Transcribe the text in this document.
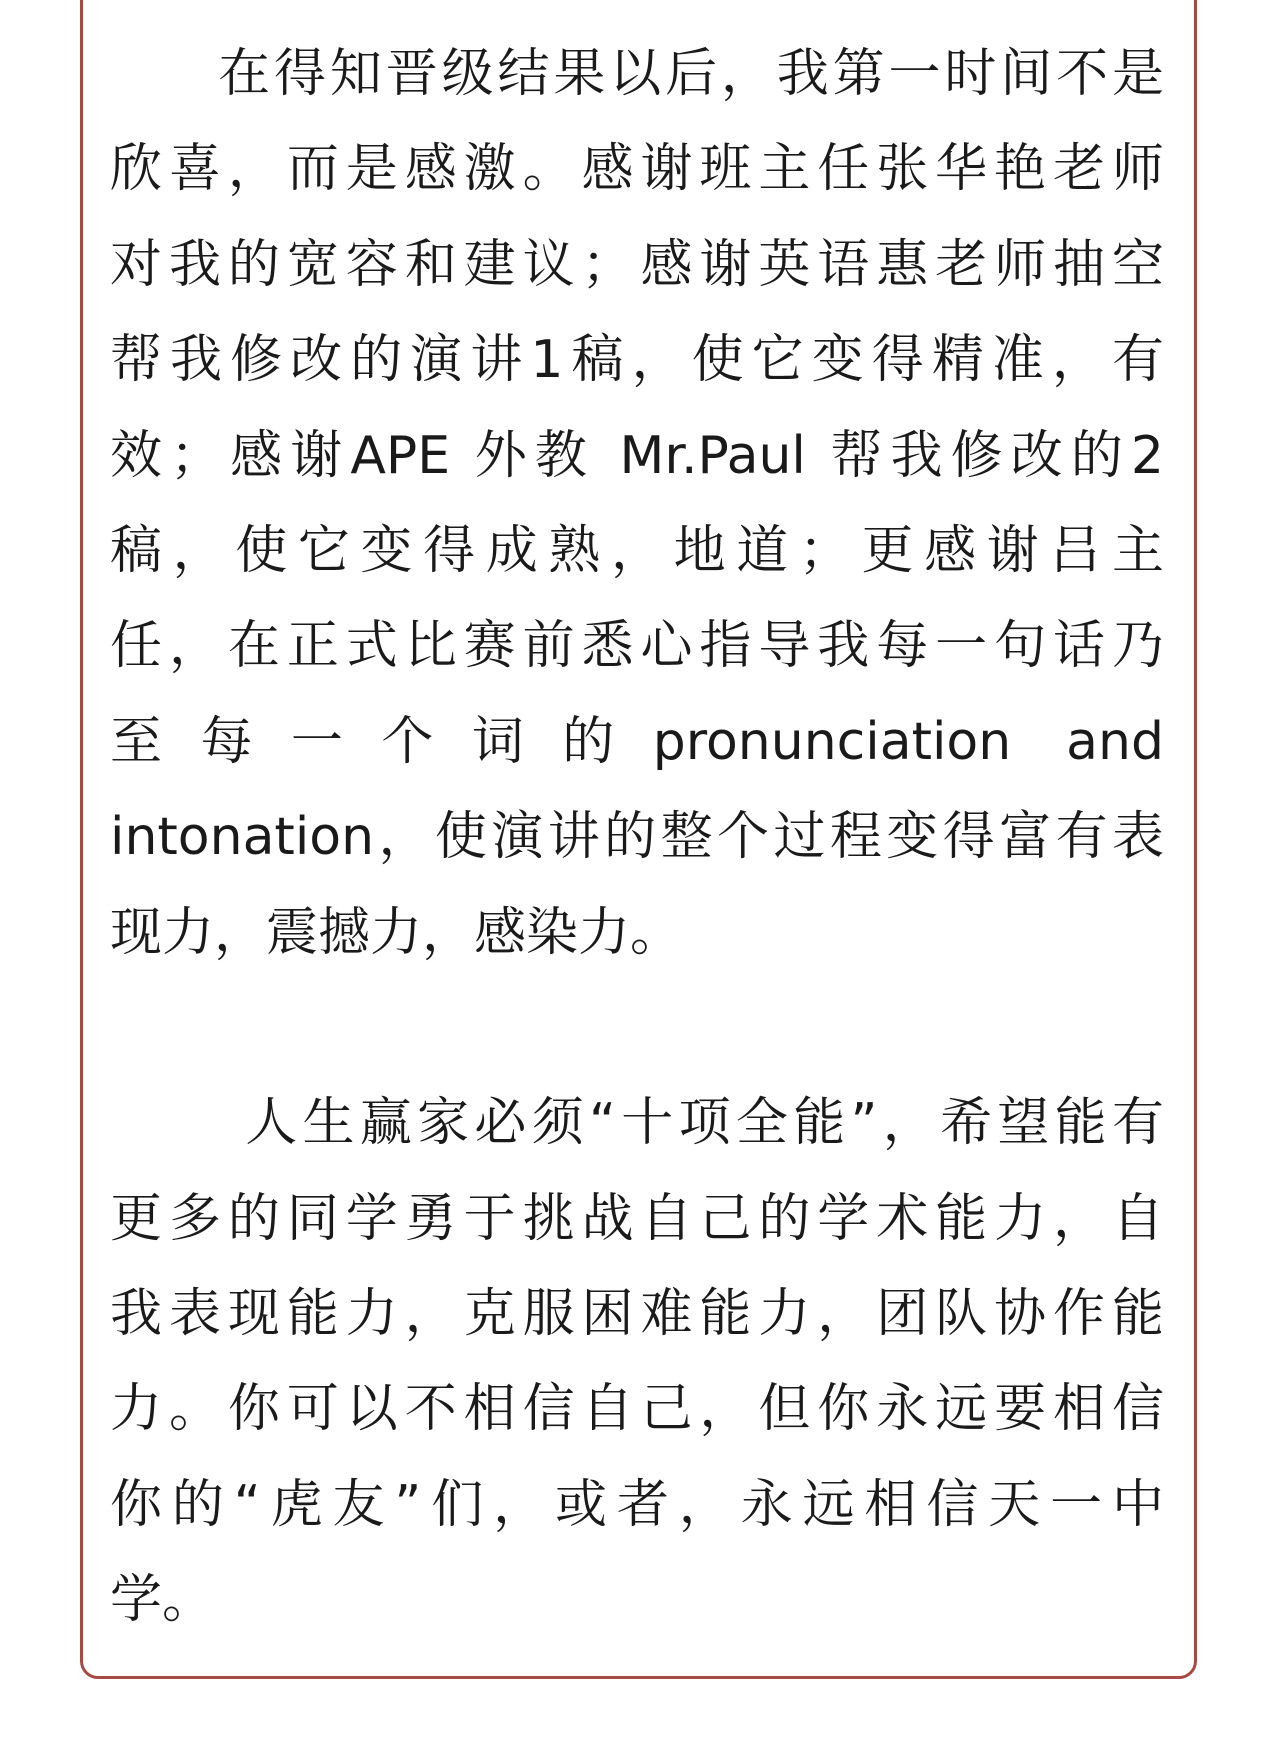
在得知晋级结果以后，我第一时间不是
欣喜，而是感激。感谢班主任张华艳老师
对我的宽容和建议；感谢英语惠老师抽空
帮我修改的演讲1稿，使它变得精准，有
效；感谢APE 外教 Mr.Paul 帮我修改的2
稿，使它变得成熟，地道；更感谢吕主
任，在正式比赛前悉心指导我每一句话乃
至每一个词的pronunciation and
intonation，使演讲的整个过程变得富有表
现力，震撼力，感染力。
人生赢家必须“十项全能”，希望能有
更多的同学勇于挑战自己的学术能力，自
我表现能力，克服困难能力，团队协作能
力。你可以不相信自己，但你永远要相信
你的“虎友”们，或者，永远相信天一中
学。
